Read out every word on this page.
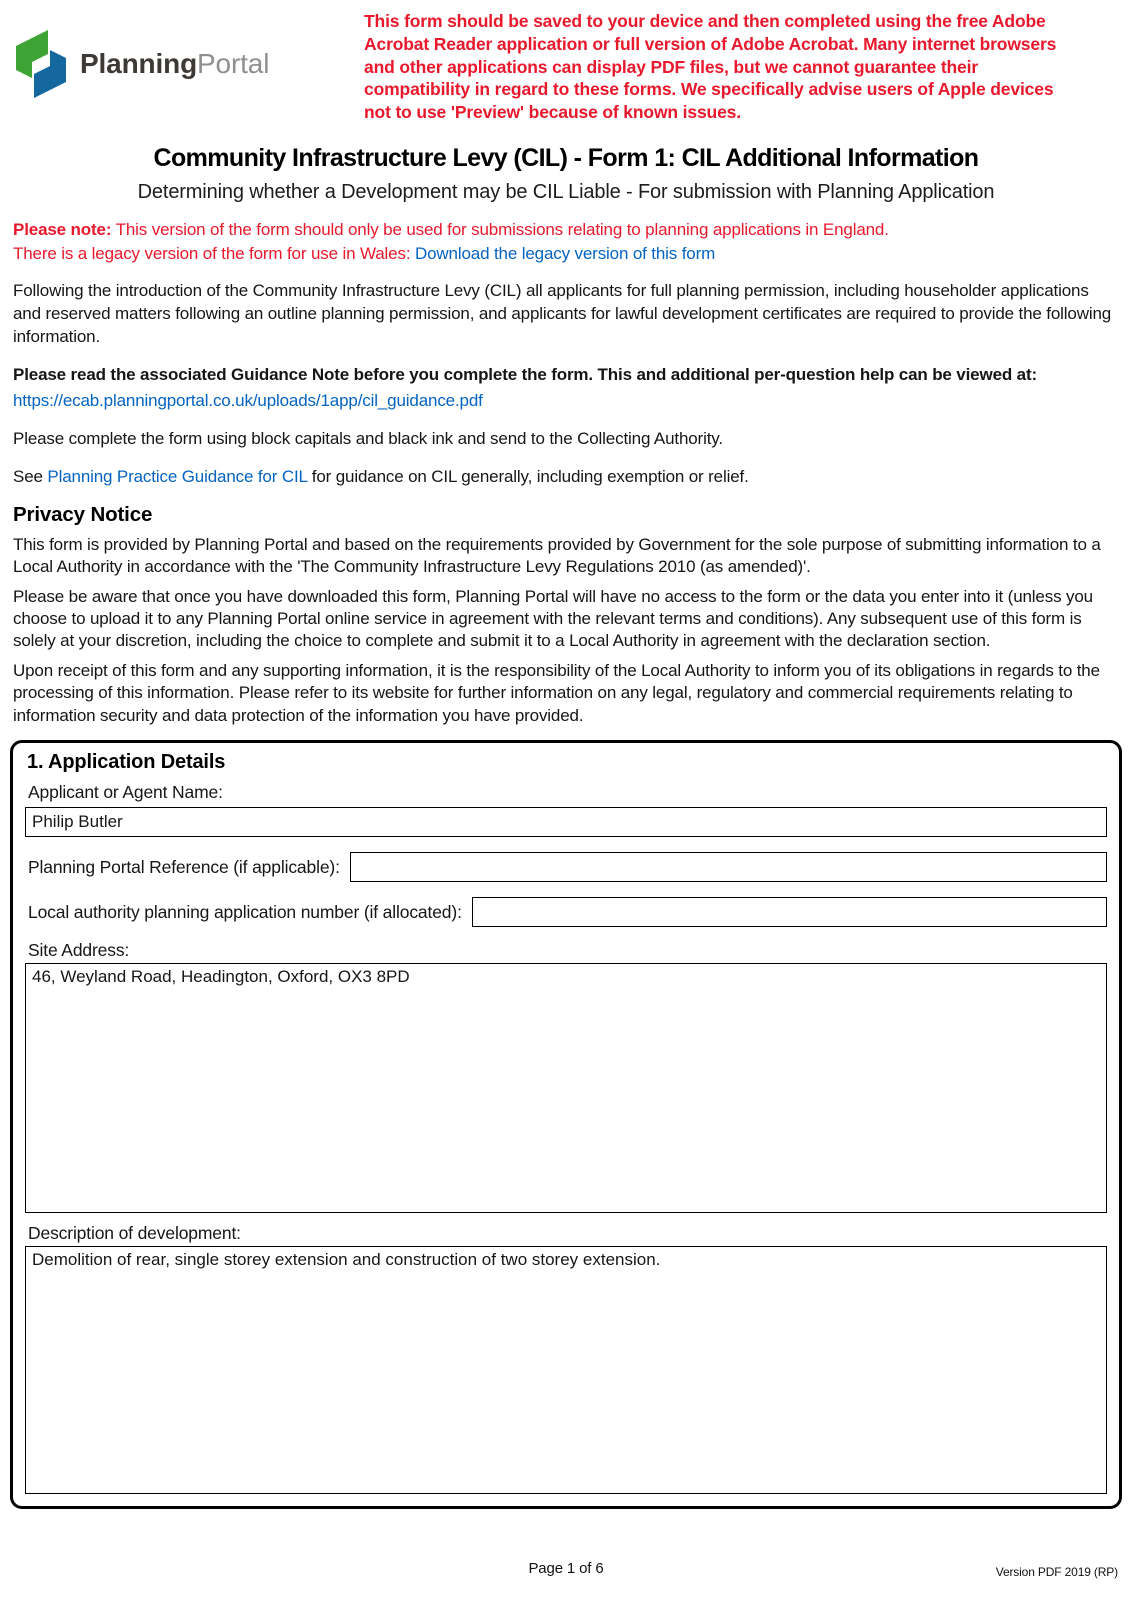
PlanningPortal
This form should be saved to your device and then completed using the free Adobe Acrobat Reader application or full version of Adobe Acrobat. Many internet browsers and other applications can display PDF files, but we cannot guarantee their compatibility in regard to these forms. We specifically advise users of Apple devices not to use 'Preview' because of known issues.
Community Infrastructure Levy (CIL) - Form 1: CIL Additional Information
Determining whether a Development may be CIL Liable - For submission with Planning Application
Please note: This version of the form should only be used for submissions relating to planning applications in England.
There is a legacy version of the form for use in Wales: Download the legacy version of this form

Following the introduction of the Community Infrastructure Levy (CIL) all applicants for full planning permission, including householder applications and reserved matters following an outline planning permission, and applicants for lawful development certificates are required to provide the following information.

Please read the associated Guidance Note before you complete the form. This and additional per-question help can be viewed at:

https://ecab.planningportal.co.uk/uploads/1app/cil_guidance.pdf

Please complete the form using block capitals and black ink and send to the Collecting Authority.

See Planning Practice Guidance for CIL for guidance on CIL generally, including exemption or relief.

Privacy Notice

This form is provided by Planning Portal and based on the requirements provided by Government for the sole purpose of submitting information to a Local Authority in accordance with the 'The Community Infrastructure Levy Regulations 2010 (as amended)'.

Please be aware that once you have downloaded this form, Planning Portal will have no access to the form or the data you enter into it (unless you choose to upload it to any Planning Portal online service in agreement with the relevant terms and conditions). Any subsequent use of this form is solely at your discretion, including the choice to complete and submit it to a Local Authority in agreement with the declaration section.

Upon receipt of this form and any supporting information, it is the responsibility of the Local Authority to inform you of its obligations in regards to the processing of this information. Please refer to its website for further information on any legal, regulatory and commercial requirements relating to information security and data protection of the information you have provided.

1. Application Details
Applicant or Agent Name:
Philip Butler
Planning Portal Reference (if applicable):
Local authority planning application number (if allocated):
Site Address:
46, Weyland Road, Headington, Oxford, OX3 8PD
Description of development:
Demolition of rear, single storey extension and construction of two storey extension.
Page 1 of 6	Version PDF 2019 (RP)
